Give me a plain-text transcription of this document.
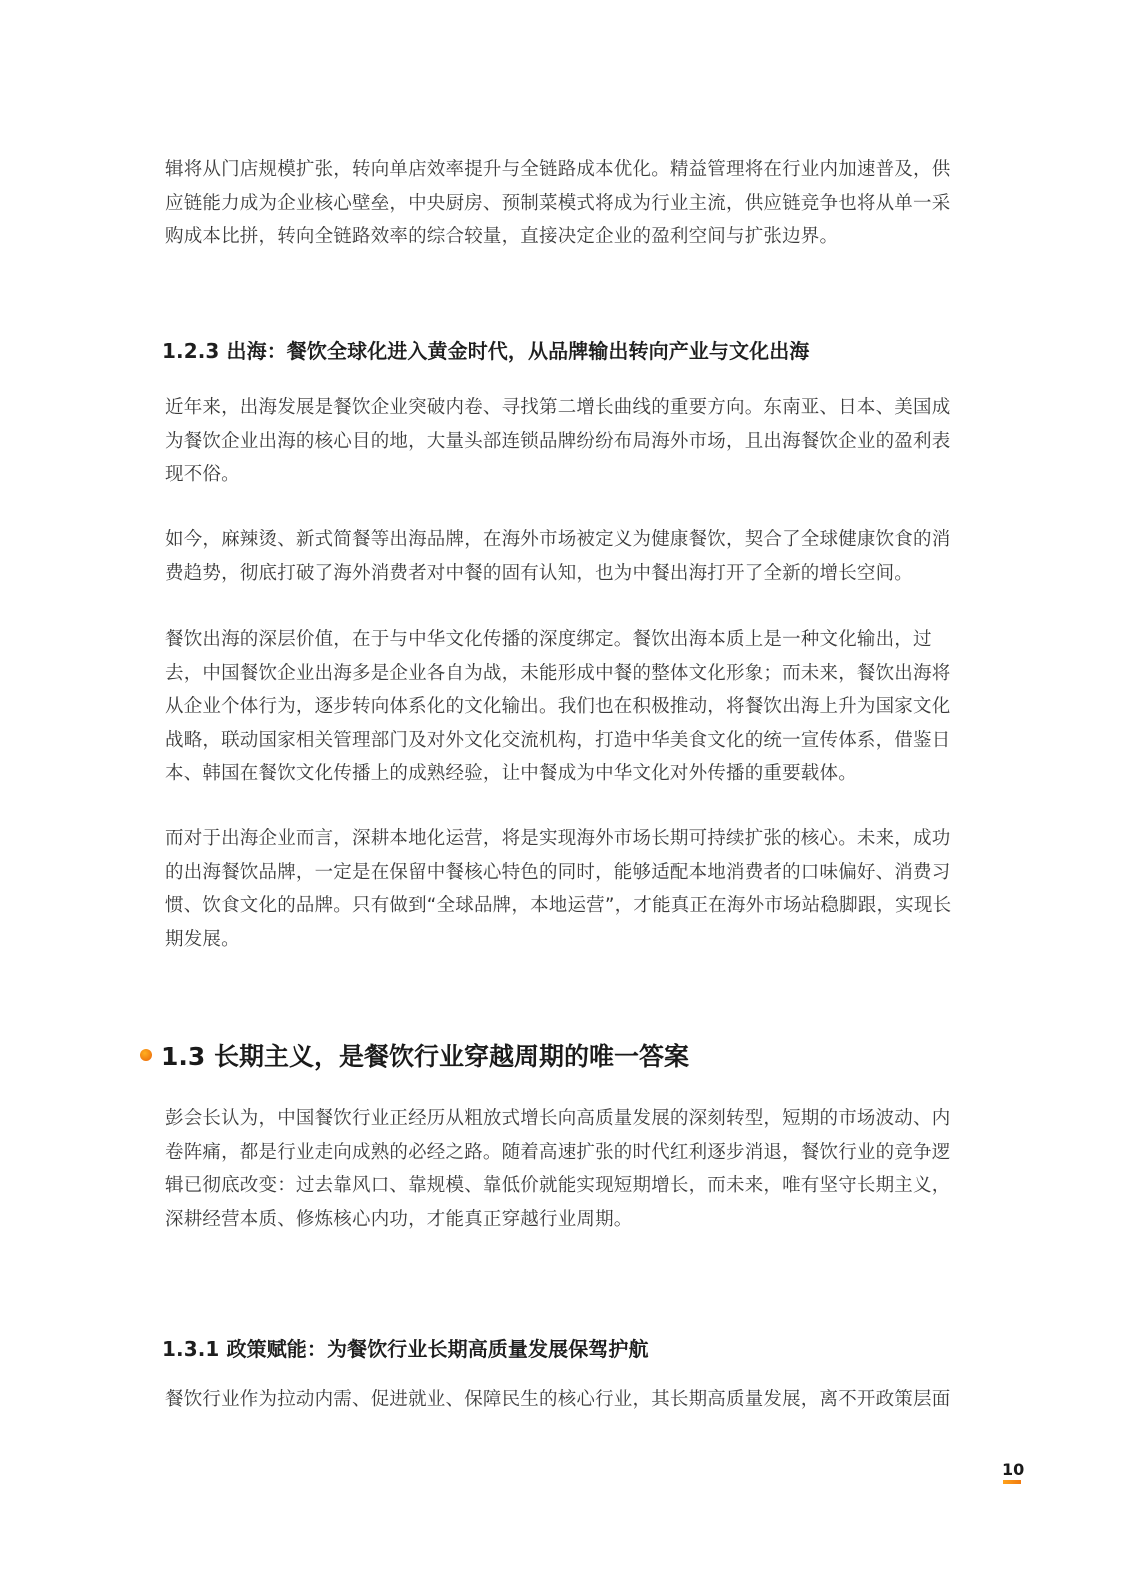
辑将从门店规模扩张，转向单店效率提升与全链路成本优化。精益管理将在行业内加速普及，供应链能力成为企业核心壁垒，中央厨房、预制菜模式将成为行业主流，供应链竞争也将从单一采购成本比拼，转向全链路效率的综合较量，直接决定企业的盈利空间与扩张边界。

1.2.3 出海：餐饮全球化进入黄金时代，从品牌输出转向产业与文化出海

近年来，出海发展是餐饮企业突破内卷、寻找第二增长曲线的重要方向。东南亚、日本、美国成为餐饮企业出海的核心目的地，大量头部连锁品牌纷纷布局海外市场，且出海餐饮企业的盈利表现不俗。

如今，麻辣烫、新式简餐等出海品牌，在海外市场被定义为健康餐饮，契合了全球健康饮食的消费趋势，彻底打破了海外消费者对中餐的固有认知，也为中餐出海打开了全新的增长空间。

餐饮出海的深层价值，在于与中华文化传播的深度绑定。餐饮出海本质上是一种文化输出，过去，中国餐饮企业出海多是企业各自为战，未能形成中餐的整体文化形象；而未来，餐饮出海将从企业个体行为，逐步转向体系化的文化输出。我们也在积极推动，将餐饮出海上升为国家文化战略，联动国家相关管理部门及对外文化交流机构，打造中华美食文化的统一宣传体系，借鉴日本、韩国在餐饮文化传播上的成熟经验，让中餐成为中华文化对外传播的重要载体。

而对于出海企业而言，深耕本地化运营，将是实现海外市场长期可持续扩张的核心。未来，成功的出海餐饮品牌，一定是在保留中餐核心特色的同时，能够适配本地消费者的口味偏好、消费习惯、饮食文化的品牌。只有做到“全球品牌，本地运营”，才能真正在海外市场站稳脚跟，实现长期发展。

1.3 长期主义，是餐饮行业穿越周期的唯一答案

彭会长认为，中国餐饮行业正经历从粗放式增长向高质量发展的深刻转型，短期的市场波动、内卷阵痛，都是行业走向成熟的必经之路。随着高速扩张的时代红利逐步消退，餐饮行业的竞争逻辑已彻底改变：过去靠风口、靠规模、靠低价就能实现短期增长，而未来，唯有坚守长期主义，深耕经营本质、修炼核心内功，才能真正穿越行业周期。

1.3.1 政策赋能：为餐饮行业长期高质量发展保驾护航

餐饮行业作为拉动内需、促进就业、保障民生的核心行业，其长期高质量发展，离不开政策层面

10
